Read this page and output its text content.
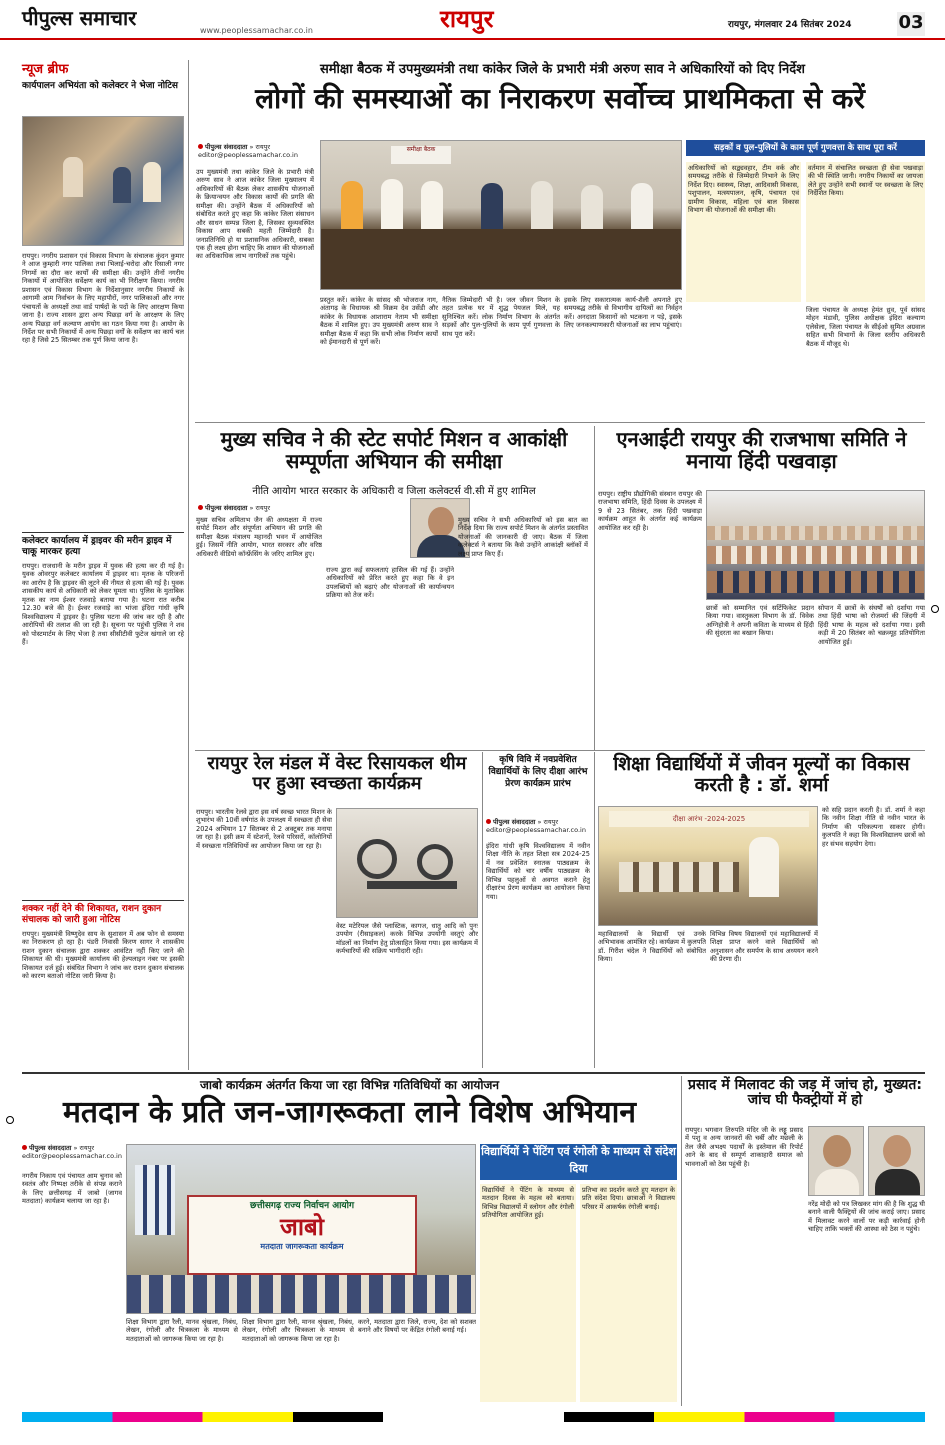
पीपुल्स समाचार
www.peoplessamachar.co.in	रायपुर	रायपुर, मंगलवार 24 सितंबर 2024	03
न्यूज ब्रीफ
कार्यपालन अभियंता को कलेक्टर ने भेजा नोटिस
रायपुर। नगरीय प्रशासन एवं विकास विभाग के संचालक कुंदन कुमार ने आज कुम्हारी नगर पालिका तथा भिलाई-चरोदा और रिसाली नगर निगमों का दौरा कर कार्यों की समीक्षा की। उन्होंने तीनों नगरीय निकायों में आयोजित सर्वेक्षण कार्य का भी निरीक्षण किया। नगरीय प्रशासन एवं विकास विभाग के निर्देशानुसार नगरीय निकायों के आगामी आम निर्वाचन के लिए महापौरों, नगर पालिकाओं और नगर पंचायतों के अध्यक्षों तथा वार्ड पार्षदों के पदों के लिए आरक्षण किया जाना है। राज्य शासन द्वारा अन्य पिछड़ा वर्ग के आरक्षण के लिए अन्य पिछड़ा वर्ग कल्याण आयोग का गठन किया गया है। आयोग के निर्देश पर सभी निकायों में अन्य पिछड़ा वर्गों के सर्वेक्षण का कार्य चल रहा है जिसे 25 सितम्बर तक पूर्ण किया जाना है।
कलेक्टर कार्यालय में ड्राइवर की मरीन ड्राइव में चाकू मारकर हत्या
रायपुर। राजधानी के मरीन ड्राइव में युवक की हत्या कर दी गई है। युवक ओवरपुर कलेक्टर कार्यालय में ड्राइवर था। मृतक के परिजनों का आरोप है कि ड्राइवर की लूटने की नीयत से हत्या की गई है। युवक शासकीय कार्य से अधिकारी को लेकर घूमता था। पुलिस के मुताबिक मृतक का नाम ईश्वर रजवाड़े बताया गया है। घटना रात करीब 12.30 बजे की है। ईश्वर रजवाड़े का भांजा इंदिरा गांधी कृषि विश्वविद्यालय में ड्राइवर है। पुलिस घटना की जांच कर रही है और आरोपियों की तलाश की जा रही है। सूचना पर पहुंची पुलिस ने शव को पोस्टमार्टम के लिए भेजा है तथा सीसीटीवी फुटेज खंगाले जा रहे हैं।
शक्कर नहीं देने की शिकायत, राशन दुकान संचालक को जारी हुआ नोटिस
रायपुर। मुख्यमंत्री विष्णुदेव साय के सुशासन में अब फोन से समस्या का निराकरण हो रहा है। पंडरी निवासी किरण सागर ने शासकीय राशन दुकान संचालक द्वारा शक्कर आवंटित नहीं किए जाने की शिकायत की थी। मुख्यमंत्री कार्यालय की हेल्पलाइन नंबर पर इसकी शिकायत दर्ज हुई। संबंधित विभाग ने जांच कर राशन दुकान संचालक को कारण बताओ नोटिस जारी किया है।
समीक्षा बैठक में उपमुख्यमंत्री तथा कांकेर जिले के प्रभारी मंत्री अरुण साव ने अधिकारियों को दिए निर्देश
लोगों की समस्याओं का निराकरण सर्वोच्च प्राथमिकता से करें
पीपुल्स संवाददाता » रायपुर
editor@peoplessamachar.co.in
उप मुख्यमंत्री तथा कांकेर जिले के प्रभारी मंत्री अरुण साव ने आज कांकेर जिला मुख्यालय में अधिकारियों की बैठक लेकर शासकीय योजनाओं के क्रियान्वयन और विकास कार्यों की प्रगति की समीक्षा की। उन्होंने बैठक में अधिकारियों को संबोधित करते हुए कहा कि कांकेर जिला संसाधन और साधन सम्पन्न जिला है, जिसका सुव्यवस्थित विकास आप सबकी महती जिम्मेदारी है। जनप्रतिनिधि हो या प्रशासनिक अधिकारी, सबका एक ही लक्ष्य होना चाहिए कि शासन की योजनाओं का अधिकाधिक लाभ नागरिकों तक पहुंचे।
समीक्षा बैठक
प्रस्तुत करें। कांकेर के सांसद श्री भोजराज नाग, अंतागढ़ के विधायक श्री विक्रम देव उसेंडी और कांकेर के विधायक आशाराम नेताम भी समीक्षा बैठक में शामिल हुए। उप मुख्यमंत्री अरुण साव ने समीक्षा बैठक में कहा कि सभी लोक निर्माण कार्यों को ईमानदारी से पूर्ण करें।
नैतिक जिम्मेदारी भी है। जल जीवन मिशन के तहत प्रत्येक घर में शुद्ध पेयजल मिले, यह सुनिश्चित करें। लोक निर्माण विभाग के अंतर्गत सड़कों और पुल-पुलियों के काम पूर्ण गुणवत्ता के साथ पूरा करें।
इसके लिए सकारात्मक कार्य-शैली अपनाते हुए समयबद्ध तरीके से विभागीय दायित्वों का निर्वहन करें। अनदाता किसानों को भटकना न पड़े, इसके लिए जनकल्याणकारी योजनाओं का लाभ पहुंचाएं।
सड़कों व पुल-पुलियों के काम पूर्ण गुणवत्ता के साथ पूरा करें
अधिकारियों को सद्व्यवहार, टीम वर्क और समयबद्ध तरीके से जिम्मेदारी निभाने के लिए निर्देश दिए। स्वास्थ्य, शिक्षा, आदिवासी विकास, पशुपालन, मत्स्यपालन, कृषि, पंचायत एवं ग्रामीण विकास, महिला एवं बाल विकास विभाग की योजनाओं की समीक्षा की।
वर्तमान में संचालित स्वच्छता ही सेवा पखवाड़ा की भी स्थिति जानी। नगरीय निकायों का जायजा लेते हुए उन्होंने सभी स्थानों पर स्वच्छता के लिए निर्देशित किया।
जिला पंचायत के अध्यक्ष हेमंत ध्रुव, पूर्व सांसद मोहन मंडावी, पुलिस अधीक्षक इंदिरा कल्याण एलेसेला, जिला पंचायत के सीईओ सुमित अग्रवाल सहित सभी विभागों के जिला स्तरीय अधिकारी बैठक में मौजूद थे।
मुख्य सचिव ने की स्टेट सपोर्ट मिशन व आकांक्षी सम्पूर्णता अभियान की समीक्षा
नीति आयोग भारत सरकार के अधिकारी व जिला कलेक्टर्स वी.सी में हुए शामिल
पीपुल्स संवाददाता » रायपुर
मुख्य सचिव अमिताभ जैन की अध्यक्षता में राज्य सपोर्ट मिशन और संपूर्णता अभियान की प्रगति की समीक्षा बैठक मंत्रालय महानदी भवन में आयोजित हुई। जिसमें नीति आयोग, भारत सरकार और वरिष्ठ अधिकारी वीडियो कॉन्फ्रेंसिंग के जरिए शामिल हुए।
राज्य द्वारा कई सफलताएं हासिल की गई हैं। उन्होंने अधिकारियों को प्रेरित करते हुए कहा कि वे इन उपलब्धियों को बढ़ाएं और योजनाओं की कार्यान्वयन प्रक्रिया को तेज करें।
मुख्य सचिव ने सभी अधिकारियों को इस बात का निर्देश दिया कि राज्य सपोर्ट मिशन के अंतर्गत प्रस्तावित योजनाओं की जानकारी दी जाए। बैठक में जिला कलेक्टर्स ने बताया कि कैसे उन्होंने आकांक्षी ब्लॉकों में लक्ष्य प्राप्त किए हैं।
एनआईटी रायपुर की राजभाषा समिति ने मनाया हिंदी पखवाड़ा
रायपुर। राष्ट्रीय प्रौद्योगिकी संस्थान रायपुर की राजभाषा समिति, हिंदी दिवस के उपलक्ष्य में 9 से 23 सितंबर, तक हिंदी पखवाड़ा कार्यक्रम आहूत के अंतर्गत कई कार्यक्रम आयोजित कर रही है।
छात्रों को सम्मानित एवं सर्टिफिकेट प्रदान किया गया। वास्तुकला विभाग के डॉ. विवेक अग्निहोत्री ने अपनी कविता के माध्यम से हिंदी की सुंदरता का बखान किया।
सोपान में छात्रों के संघर्षों को दर्शाया गया तथा हिंदी भाषा को रोजमर्रा की जिंदगी में हिंदी भाषा के महत्व को दर्शाया गया। इसी कड़ी में 20 सितंबर को चक्रव्यूह प्रतियोगिता आयोजित हुई।
रायपुर रेल मंडल में वेस्ट रिसायकल थीम पर हुआ स्वच्छता कार्यक्रम
रायपुर। भारतीय रेलवे द्वारा इस वर्ष स्वच्छ भारत मिशन के शुभारंभ की 10वीं वर्षगांठ के उपलक्ष्य में स्वच्छता ही सेवा 2024 अभियान 17 सितम्बर से 2 अक्टूबर तक मनाया जा रहा है। इसी क्रम में स्टेशनों, रेलवे परिसरों, कॉलोनियों में स्वच्छता गतिविधियों का आयोजन किया जा रहा है।
वेस्ट मटेरियल जैसे प्लास्टिक, कागज, धातु आदि को पुनः उपयोग (रीसाइकल) करके विभिन्न उपयोगी वस्तुएं और मॉडलों का निर्माण हेतु प्रोत्साहित किया गया। इस कार्यक्रम में कर्मचारियों की सक्रिय भागीदारी रही।
कृषि विवि में नवप्रवेशित विद्यार्थियों के लिए दीक्षा आरंभ प्रेरण कार्यक्रम प्रारंभ
पीपुल्स संवाददाता » रायपुर
editor@peoplessamachar.co.in
इंदिरा गांधी कृषि विश्वविद्यालय में नवीन शिक्षा नीति के तहत शिक्षा सत्र 2024-25 में नव प्रवेशित स्नातक पाठ्यक्रम के विद्यार्थियों को चार वर्षीय पाठ्यक्रम के विभिन्न पहलुओं से अवगत कराने हेतु दीक्षारंभ प्रेरण कार्यक्रम का आयोजन किया गया।
शिक्षा विद्यार्थियों में जीवन मूल्यों का विकास करती है : डॉ. शर्मा
दीक्षा आरंभ -2024-2025
को सहि प्रदान करती है। डॉ. शर्मा ने कहा कि नवीन शिक्षा नीति से नवीन भारत के निर्माण की परिकल्पना साकार होगी। कुलपति ने कहा कि विश्वविद्यालय छात्रों को हर संभव सहयोग देगा।
महाविद्यालयों के विद्यार्थी एवं उनके अभिभावक आमंत्रित रहे। कार्यक्रम में कुलपति डॉ. गिरीश चंदेल ने विद्यार्थियों को संबोधित किया।
विभिन्न विषय विद्यालयों एवं महाविद्यालयों में शिक्षा प्राप्त करने वाले विद्यार्थियों को अनुशासन और समर्पण के साथ अध्ययन करने की प्रेरणा दी।
जाबो कार्यक्रम अंतर्गत किया जा रहा विभिन्न गतिविधियों का आयोजन
मतदान के प्रति जन-जागरूकता लाने विशेष अभियान
पीपुल्स संवाददाता » रायपुर
editor@peoplessamachar.co.in
नगरीय निकाय एवं पंचायत आम चुनाव को स्वतंत्र और निष्पक्ष तरीके से संपन्न कराने के लिए छत्तीसगढ़ में जाबो (जागव मतदाता) कार्यक्रम चलाया जा रहा है।	छत्तीसगढ़ राज्य निर्वाचन आयोग
जाबो
मतदाता जागरूकता कार्यक्रम
शिक्षा विभाग द्वारा रैली, मानव श्रृंखला, निबंध, लेखन, रंगोली और चित्रकला के माध्यम से मतदाताओं को जागरूक किया जा रहा है।
शिक्षा विभाग द्वारा रैली, मानव श्रृंखला, निबंध, लेखन, रंगोली और चित्रकला के माध्यम से मतदाताओं को जागरूक किया जा रहा है।
करने, मतदाता द्वारा जिले, राज्य, देश को सशक्त बनाने और विषयों पर केंद्रित रंगोली बनाई गई।
विद्यार्थियों ने पेंटिंग एवं रंगोली के माध्यम से संदेश दिया
विद्यार्थियों ने पेंटिंग के माध्यम से मतदान दिवस के महत्व को बताया। विभिन्न विद्यालयों में स्लोगन और रंगोली प्रतियोगिता आयोजित हुई।
प्रतिभा का प्रदर्शन करते हुए मतदान के प्रति संदेश दिया। छात्राओं ने विद्यालय परिसर में आकर्षक रंगोली बनाई।
प्रसाद में मिलावट की जड़ में जांच हो, मुख्यत: जांच घी फैक्ट्रीयों में हो
रायपुर। भगवान तिरुपति मंदिर जी के लड्डू प्रसाद में पशु व अन्य जानवरों की चर्बी और मछली के तेल जैसे अभक्ष्य पदार्थों के इस्तेमाल की रिपोर्ट आने के बाद से सम्पूर्ण शाकाहारी समाज को भावनाओं को ठेस पहुंची है।
नरेंद्र मोदी को पत्र लिखकर मांग की है कि शुद्ध घी बनाने वाली फैक्ट्रियों की जांच कराई जाए। प्रसाद में मिलावट करने वालों पर कड़ी कार्रवाई होनी चाहिए ताकि भक्तों की आस्था को ठेस न पहुंचे।
